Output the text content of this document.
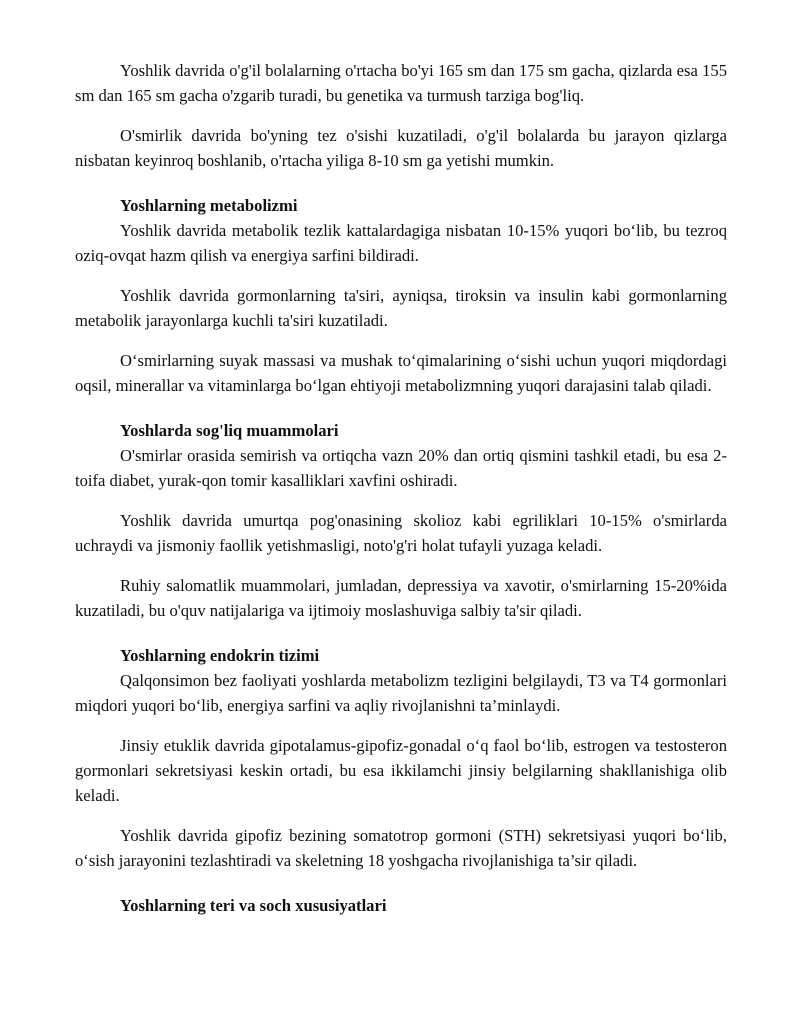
Yoshlik davrida o'g'il bolalarning o'rtacha bo'yi 165 sm dan 175 sm gacha, qizlarda esa 155 sm dan 165 sm gacha o'zgarib turadi, bu genetika va turmush tarziga bog'liq.

O'smirlik davrida bo'yning tez o'sishi kuzatiladi, o'g'il bolalarda bu jarayon qizlarga nisbatan keyinroq boshlanib, o'rtacha yiliga 8-10 sm ga yetishi mumkin.

Yoshlarning metabolizmi

Yoshlik davrida metabolik tezlik kattalardagiga nisbatan 10-15% yuqori bo‘lib, bu tezroq oziq-ovqat hazm qilish va energiya sarfini bildiradi.

Yoshlik davrida gormonlarning ta'siri, ayniqsa, tiroksin va insulin kabi gormonlarning metabolik jarayonlarga kuchli ta'siri kuzatiladi.

O‘smirlarning suyak massasi va mushak to‘qimalarining o‘sishi uchun yuqori miqdordagi oqsil, minerallar va vitaminlarga bo‘lgan ehtiyoji metabolizmning yuqori darajasini talab qiladi.

Yoshlarda sog'liq muammolari

O'smirlar orasida semirish va ortiqcha vazn 20% dan ortiq qismini tashkil etadi, bu esa 2-toifa diabet, yurak-qon tomir kasalliklari xavfini oshiradi.

Yoshlik davrida umurtqa pog'onasining skolioz kabi egriliklari 10-15% o'smirlarda uchraydi va jismoniy faollik yetishmasligi, noto'g'ri holat tufayli yuzaga keladi.

Ruhiy salomatlik muammolari, jumladan, depressiya va xavotir, o'smirlarning 15-20%ida kuzatiladi, bu o'quv natijalariga va ijtimoiy moslashuviga salbiy ta'sir qiladi.

Yoshlarning endokrin tizimi

Qalqonsimon bez faoliyati yoshlarda metabolizm tezligini belgilaydi, T3 va T4 gormonlari miqdori yuqori bo‘lib, energiya sarfini va aqliy rivojlanishni ta’minlaydi.

Jinsiy etuklik davrida gipotalamus-gipofiz-gonadal o‘q faol bo‘lib, estrogen va testosteron gormonlari sekretsiyasi keskin ortadi, bu esa ikkilamchi jinsiy belgilarning shakllanishiga olib keladi.

Yoshlik davrida gipofiz bezining somatotrop gormoni (STH) sekretsiyasi yuqori bo‘lib, o‘sish jarayonini tezlashtiradi va skeletning 18 yoshgacha rivojlanishiga ta’sir qiladi.

Yoshlarning teri va soch xususiyatlari
